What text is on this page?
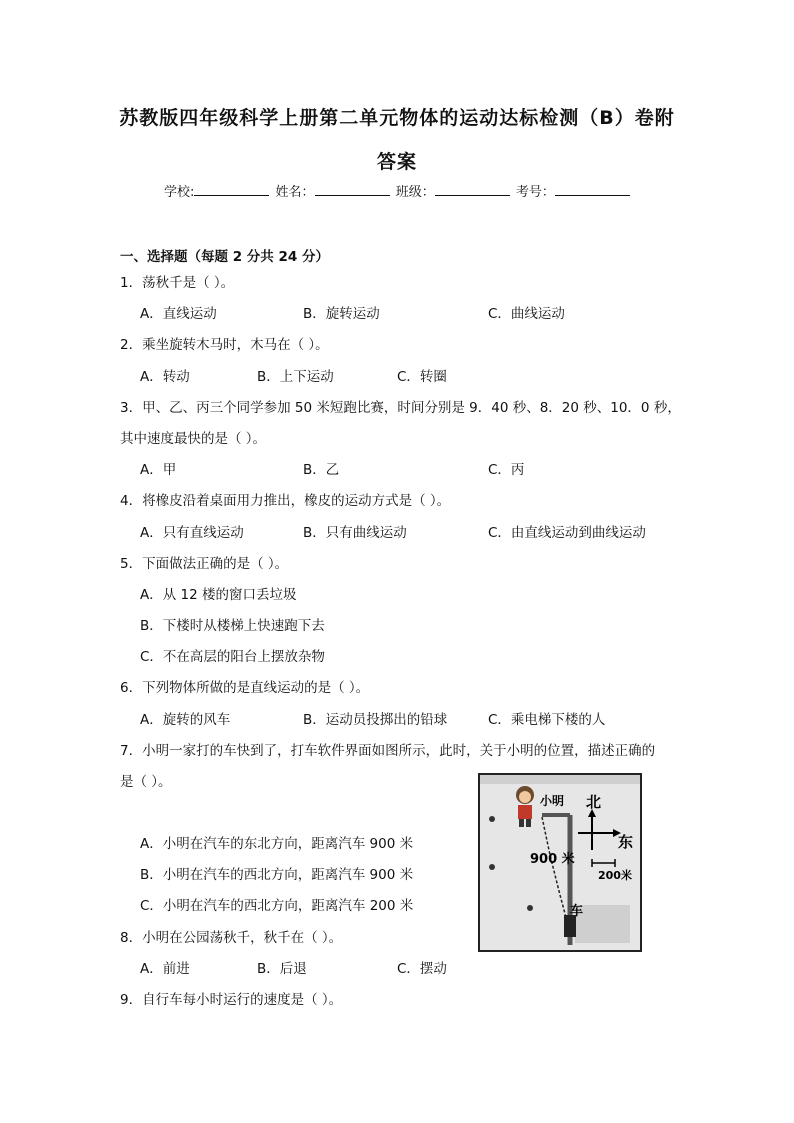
苏教版四年级科学上册第二单元物体的运动达标检测（B）卷附
答案
学校:	姓名：	班级：	考号：
一、选择题（每题 2 分共 24 分）
1．荡秋千是（ ）。
A．直线运动	B．旋转运动	C．曲线运动
2．乘坐旋转木马时，木马在（ ）。
A．转动	B．上下运动	C．转圈
3．甲、乙、丙三个同学参加 50 米短跑比赛，时间分别是 9．40 秒、8．20 秒、10．0 秒，
其中速度最快的是（ ）。
A．甲	B．乙	C．丙
4．将橡皮沿着桌面用力推出，橡皮的运动方式是（ ）。
A．只有直线运动	B．只有曲线运动	C．由直线运动到曲线运动
5．下面做法正确的是（ ）。
A．从 12 楼的窗口丢垃圾
B．下楼时从楼梯上快速跑下去
C．不在高层的阳台上摆放杂物
6．下列物体所做的是直线运动的是（ ）。
A．旋转的风车	B．运动员投掷出的铅球	C．乘电梯下楼的人
7．小明一家打的车快到了，打车软件界面如图所示，此时，关于小明的位置，描述正确的
是（ ）。
A．小明在汽车的东北方向，距离汽车 900 米
B．小明在汽车的西北方向，距离汽车 900 米
C．小明在汽车的西北方向，距离汽车 200 米
小明 北
东
900 米
200米
车
8．小明在公园荡秋千，秋千在（ ）。
A．前进	B．后退	C．摆动
9．自行车每小时运行的速度是（ ）。
